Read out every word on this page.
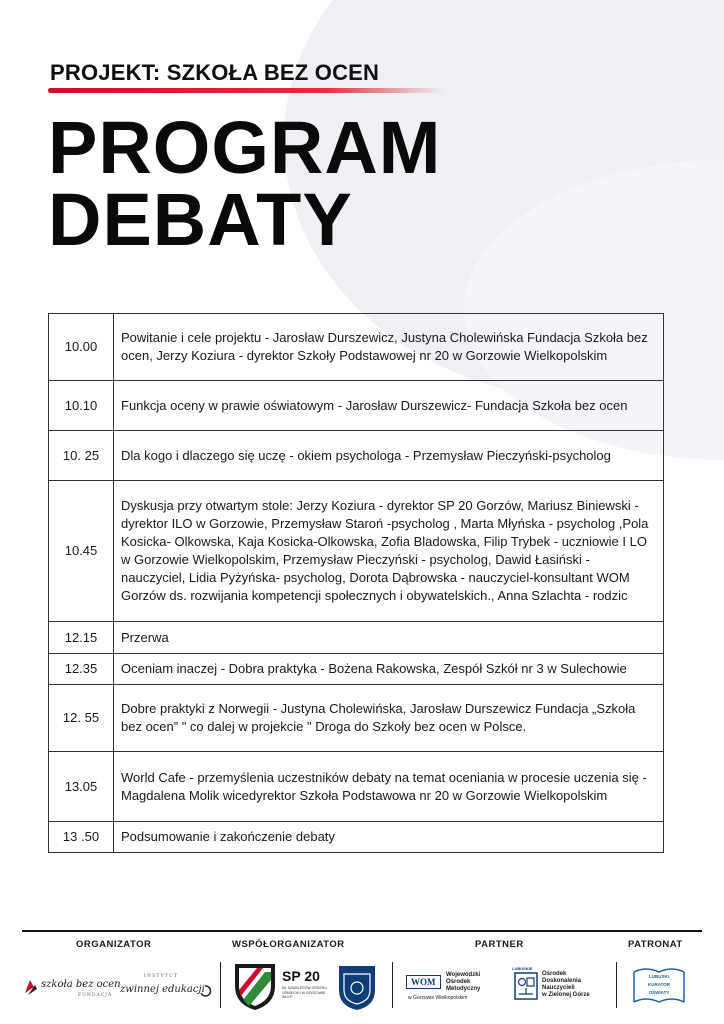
PROJEKT: SZKOŁA BEZ OCEN
PROGRAM
DEBATY
10.00	Powitanie i cele projektu - Jarosław Durszewicz, Justyna Cholewińska Fundacja Szkoła bez ocen, Jerzy Koziura - dyrektor Szkoły Podstawowej nr 20 w Gorzowie Wielkopolskim
10.10	Funkcja oceny w prawie oświatowym - Jarosław Durszewicz- Fundacja Szkoła bez ocen
10. 25	Dla kogo i dlaczego się uczę - okiem psychologa - Przemysław Pieczyński-psycholog
10.45	Dyskusja przy otwartym stole: Jerzy Koziura - dyrektor SP 20 Gorzów, Mariusz Biniewski - dyrektor ILO w Gorzowie, Przemysław Staroń -psycholog , Marta Młyńska - psycholog ,Pola Kosicka- Olkowska, Kaja Kosicka-Olkowska, Zofia Bladowska, Filip Trybek - uczniowie I LO w Gorzowie Wielkopolskim, Przemysław Pieczyński - psycholog, Dawid Łasiński - nauczyciel, Lidia Pyżyńska- psycholog, Dorota Dąbrowska - nauczyciel-konsultant WOM Gorzów ds. rozwijania kompetencji społecznych i obywatelskich., Anna Szlachta - rodzic
12.15	Przerwa
12.35	Oceniam inaczej - Dobra praktyka - Bożena Rakowska, Zespół Szkół nr 3 w Sulechowie
12. 55	Dobre praktyki z Norwegii - Justyna Cholewińska, Jarosław Durszewicz Fundacja „Szkoła bez ocen” " co dalej w projekcie " Droga do Szkoły bez ocen w Polsce.
13.05	World Cafe - przemyślenia uczestników debaty na temat oceniania w procesie uczenia się - Magdalena Molik wicedyrektor Szkoła Podstawowa nr 20 w Gorzowie Wielkopolskim
13 .50	Podsumowanie i zakończenie debaty
ORGANIZATOR	WSPÓŁORGANIZATOR	PARTNER	PATRONAT
szkoła bez ocen
FUNDACJA
INSTYTUT
zwinnej edukacji
SP 20
IM. KAWALERÓW ORDERU UŚMIECHU W GORZOWIE WLKP.
AKADEMIA
WOM
Wojewódzki
Ośrodek
Metodyczny
w Gorzowie Wielkopolskim
LUBUSKIE
Ośrodek
Doskonalenia
Nauczycieli
w Zielonej Górze
LUBUSKI
KURATOR
OŚWIATY
